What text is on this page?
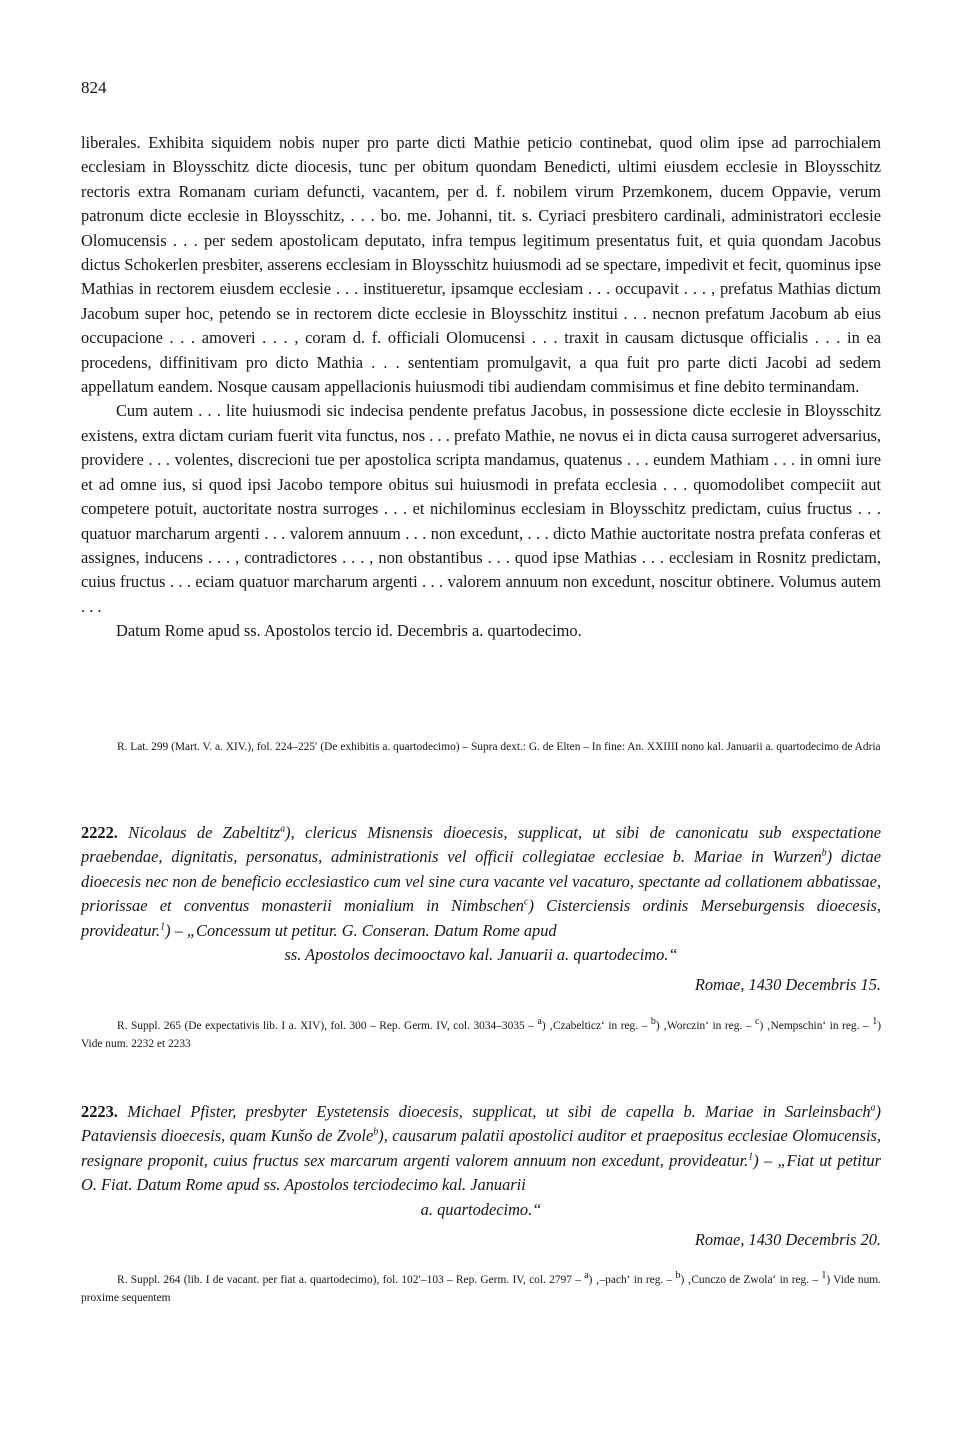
824

liberales. Exhibita siquidem nobis nuper pro parte dicti Mathie peticio continebat, quod olim ipse ad parrochialem ecclesiam in Bloysschitz dicte diocesis, tunc per obitum quondam Benedicti, ultimi eiusdem ecclesie in Bloysschitz rectoris extra Romanam curiam defuncti, vacantem, per d. f. nobilem virum Przemkonem, ducem Oppavie, verum patronum dicte ecclesie in Bloysschitz, . . . bo. me. Johanni, tit. s. Cyriaci presbitero cardinali, administratori ecclesie Olomucensis . . . per sedem apostolicam deputato, infra tempus legitimum presentatus fuit, et quia quondam Jacobus dictus Schokerlen presbiter, asserens ecclesiam in Bloysschitz huiusmodi ad se spectare, impedivit et fecit, quominus ipse Mathias in rectorem eiusdem ecclesie . . . institueretur, ipsamque ecclesiam . . . occupavit . . . , prefatus Mathias dictum Jacobum super hoc, petendo se in rectorem dicte ecclesie in Bloysschitz institui . . . necnon prefatum Jacobum ab eius occupacione . . . amoveri . . . , coram d. f. officiali Olomucensi . . . traxit in causam dictusque officialis . . . in ea procedens, diffinitivam pro dicto Mathia . . . sententiam promulgavit, a qua fuit pro parte dicti Jacobi ad sedem appellatum eandem. Nosque causam appellacionis huiusmodi tibi audiendam commisimus et fine debito terminandam.

Cum autem . . . lite huiusmodi sic indecisa pendente prefatus Jacobus, in possessione dicte ecclesie in Bloysschitz existens, extra dictam curiam fuerit vita functus, nos . . . prefato Mathie, ne novus ei in dicta causa surrogeret adversarius, providere . . . volentes, discrecioni tue per apostolica scripta mandamus, quatenus . . . eundem Mathiam . . . in omni iure et ad omne ius, si quod ipsi Jacobo tempore obitus sui huiusmodi in prefata ecclesia . . . quomodolibet compeciit aut competere potuit, auctoritate nostra surroges . . . et nichilominus ecclesiam in Bloysschitz predictam, cuius fructus . . . quatuor marcharum argenti . . . valorem annuum . . . non excedunt, . . . dicto Mathie auctoritate nostra prefata conferas et assignes, inducens . . . , contradictores . . . , non obstantibus . . . quod ipse Mathias . . . ecclesiam in Rosnitz predictam, cuius fructus . . . eciam quatuor marcharum argenti . . . valorem annuum non excedunt, noscitur obtinere. Volumus autem . . .

Datum Rome apud ss. Apostolos tercio id. Decembris a. quartodecimo.

R. Lat. 299 (Mart. V. a. XIV.), fol. 224–225′ (De exhibitis a. quartodecimo) – Supra dext.: G. de Elten – In fine: An. XXIIII nono kal. Januarii a. quartodecimo de Adria

2222. Nicolaus de Zabeltitz$^a$), clericus Misnensis dioecesis, supplicat, ut sibi de canonicatu sub exspectatione praebendae, dignitatis, personatus, administrationis vel officii collegiatae ecclesiae b. Mariae in Wurzen$^b$) dictae dioecesis nec non de beneficio ecclesiastico cum vel sine cura vacante vel vacaturo, spectante ad collationem abbatissae, priorissae et conventus monasterii monialium in Nimbschen$^c$) Cisterciensis ordinis Merseburgensis dioecesis, provideatur.$^1$) – „Concessum ut petitur. G. Conseran. Datum Rome apud

ss. Apostolos decimooctavo kal. Januarii a. quartodecimo.“

Romae, 1430 Decembris 15.

R. Suppl. 265 (De expectativis lib. I a. XIV), fol. 300 – Rep. Germ. IV, col. 3034–3035 – $^a$) ‚Czabelticz‘ in reg. – $^b$) ‚Worczin‘ in reg. – $^c$) ‚Nempschin‘ in reg. – $^1$) Vide num. 2232 et 2233

2223. Michael Pfister, presbyter Eystetensis dioecesis, supplicat, ut sibi de capella b. Mariae in Sarleinsbach$^a$) Pataviensis dioecesis, quam Kunšo de Zvole$^b$), causarum palatii apostolici auditor et praepositus ecclesiae Olomucensis, resignare proponit, cuius fructus sex marcarum argenti valorem annuum non excedunt, provideatur.$^1$) – „Fiat ut petitur O. Fiat. Datum Rome apud ss. Apostolos terciodecimo kal. Januarii

a. quartodecimo.“

Romae, 1430 Decembris 20.

R. Suppl. 264 (lib. I de vacant. per fiat a. quartodecimo), fol. 102′–103 – Rep. Germ. IV, col. 2797 – $^a$) ‚–pach‘ in reg. – $^b$) ‚Cunczo de Zwola‘ in reg. – $^1$) Vide num. proxime sequentem
